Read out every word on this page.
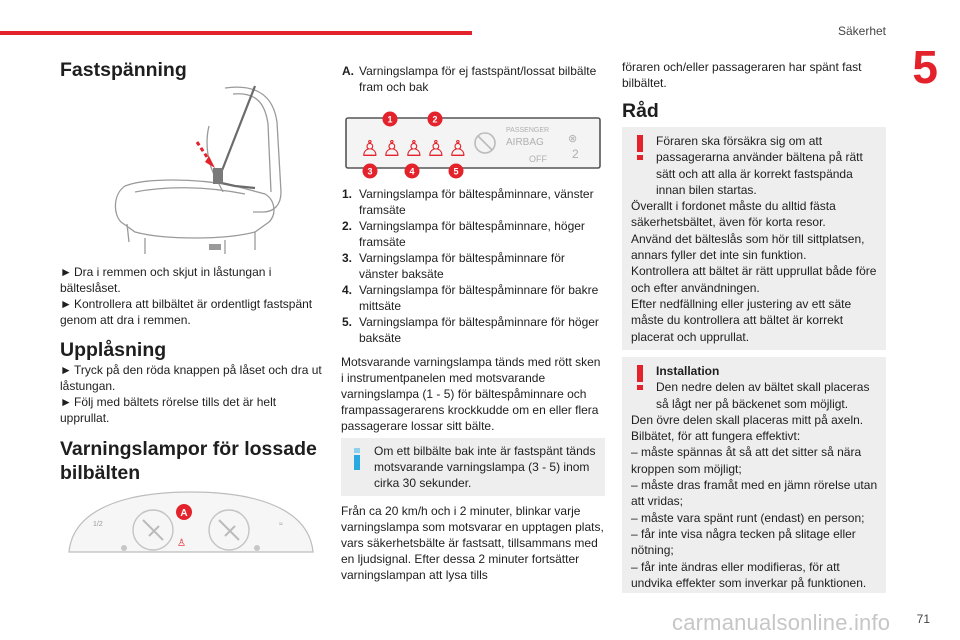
Säkerhet
5
Fastspänning

► Dra i remmen och skjut in låstungan i bälteslåset.

► Kontrollera att bilbältet är ordentligt fastspänt genom att dra i remmen.

Upplåsning

► Tryck på den röda knappen på låset och dra ut låstungan.

► Följ med bältets rörelse tills det är helt upprullat.

Varningslampor för lossade
bilbälten
1/2	≈
♙
A
A. Varningslampa för ej fastspänt/lossat bilbälte fram och bak
♙ ♙ ♙ ♙ ♙
PASSENGER
AIRBAG
OFF
⊗
2
1	2
3	4	5
1. Varningslampa för bältespåminnare, vänster framsäte
2. Varningslampa för bältespåminnare, höger framsäte
3. Varningslampa för bältespåminnare för vänster baksäte
4. Varningslampa för bältespåminnare för bakre mittsäte
5. Varningslampa för bältespåminnare för höger baksäte

Motsvarande varningslampa tänds med rött sken i instrumentpanelen med motsvarande varningslampa (1 - 5) för bältespåminnare och frampassagerarens krockkudde om en eller flera passagerare lossar sitt bälte.

Om ett bilbälte bak inte är fastspänt tänds motsvarande varningslampa (3 - 5) inom cirka 30 sekunder.

Från ca 20 km/h och i 2 minuter, blinkar varje varningslampa som motsvarar en upptagen plats, vars säkerhetsbälte är fastsatt, tillsammans med en ljudsignal. Efter dessa 2 minuter fortsätter varningslampan att lysa tills

föraren och/eller passageraren har spänt fast bilbältet.

Råd
Föraren ska försäkra sig om att passagerarna använder bältena på rätt sätt och att alla är korrekt fastspända innan bilen startas.
Överallt i fordonet måste du alltid fästa säkerhetsbältet, även för korta resor.
Använd det bälteslås som hör till sittplatsen, annars fyller det inte sin funktion.
Kontrollera att bältet är rätt upprullat både före och efter användningen.
Efter nedfällning eller justering av ett säte måste du kontrollera att bältet är korrekt placerat och upprullat.
Installation
Den nedre delen av bältet skall placeras så lågt ner på bäckenet som möjligt.
Den övre delen skall placeras mitt på axeln.
Bilbätet, för att fungera effektivt:
– måste spännas åt så att det sitter så nära kroppen som möjligt;
– måste dras framåt med en jämn rörelse utan att vridas;
– måste vara spänt runt (endast) en person;
– får inte visa några tecken på slitage eller nötning;
– får inte ändras eller modifieras, för att undvika effekter som inverkar på funktionen.
carmanualsonline.info 71
